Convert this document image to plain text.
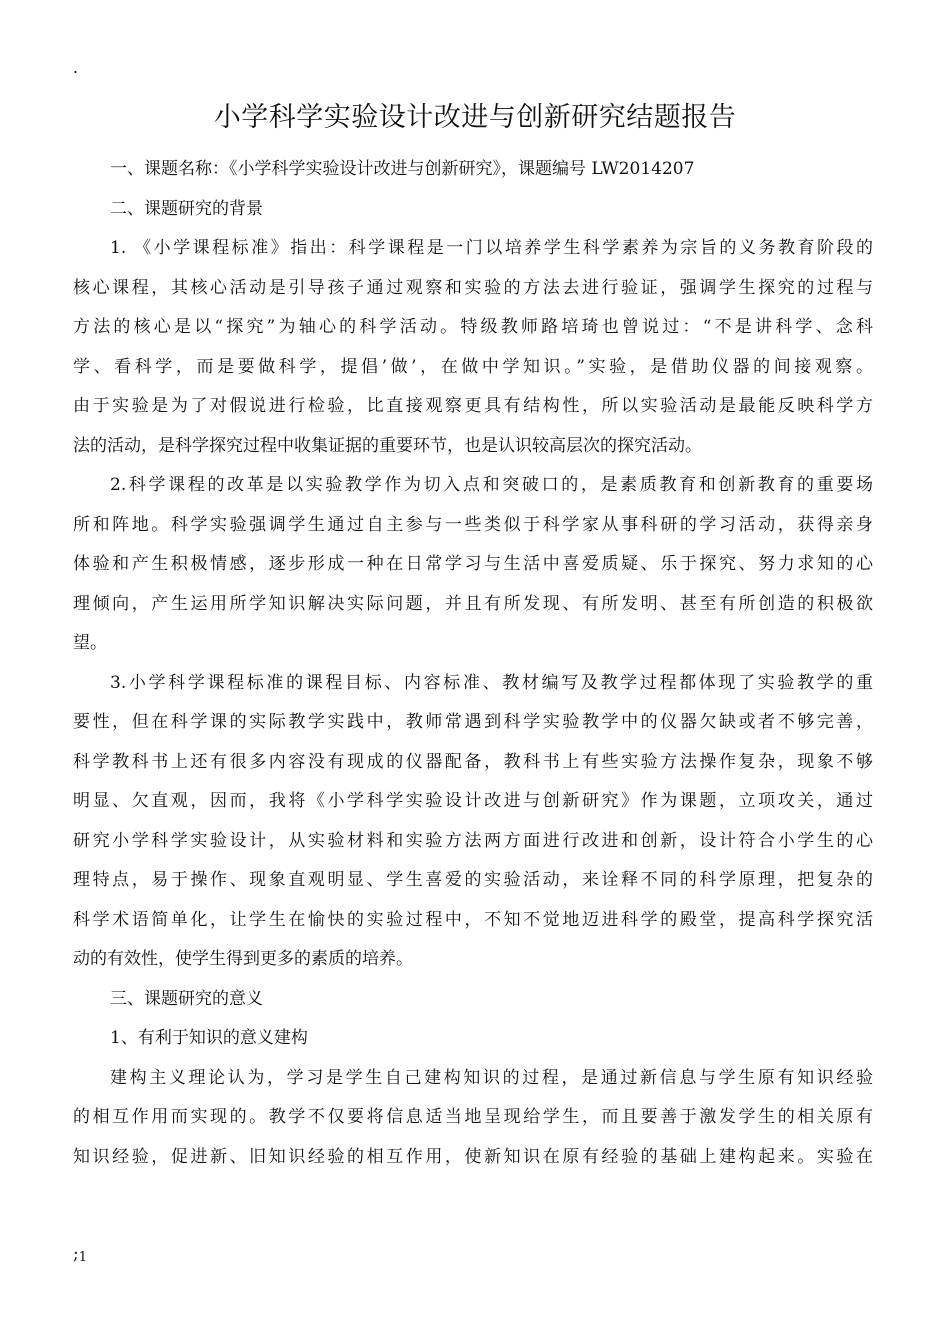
.
小学科学实验设计改进与创新研究结题报告
一、课题名称：《小学科学实验设计改进与创新研究》，课题编号 LW2014207
二、课题研究的背景
1. 《小学课程标准》指出：科学课程是一门以培养学生科学素养为宗旨的义务教育阶段的
核心课程，其核心活动是引导孩子通过观察和实验的方法去进行验证，强调学生探究的过程与
方法的核心是以“探究”为轴心的科学活动。特级教师路培琦也曾说过：“不是讲科学、念科
学、看科学，而是要做科学，提倡’做’，在做中学知识。”实验，是借助仪器的间接观察。
由于实验是为了对假说进行检验，比直接观察更具有结构性，所以实验活动是最能反映科学方
法的活动，是科学探究过程中收集证据的重要环节，也是认识较高层次的探究活动。
2.科学课程的改革是以实验教学作为切入点和突破口的，是素质教育和创新教育的重要场
所和阵地。科学实验强调学生通过自主参与一些类似于科学家从事科研的学习活动，获得亲身
体验和产生积极情感，逐步形成一种在日常学习与生活中喜爱质疑、乐于探究、努力求知的心
理倾向，产生运用所学知识解决实际问题，并且有所发现、有所发明、甚至有所创造的积极欲
望。
3.小学科学课程标准的课程目标、内容标准、教材编写及教学过程都体现了实验教学的重
要性，但在科学课的实际教学实践中，教师常遇到科学实验教学中的仪器欠缺或者不够完善，
科学教科书上还有很多内容没有现成的仪器配备，教科书上有些实验方法操作复杂，现象不够
明显、欠直观，因而，我将《小学科学实验设计改进与创新研究》作为课题，立项攻关，通过
研究小学科学实验设计，从实验材料和实验方法两方面进行改进和创新，设计符合小学生的心
理特点，易于操作、现象直观明显、学生喜爱的实验活动，来诠释不同的科学原理，把复杂的
科学术语简单化，让学生在愉快的实验过程中，不知不觉地迈进科学的殿堂，提高科学探究活
动的有效性，使学生得到更多的素质的培养。
三、课题研究的意义
1、有利于知识的意义建构
建构主义理论认为，学习是学生自己建构知识的过程，是通过新信息与学生原有知识经验
的相互作用而实现的。教学不仅要将信息适当地呈现给学生，而且要善于激发学生的相关原有
知识经验，促进新、旧知识经验的相互作用，使新知识在原有经验的基础上建构起来。实验在
;1
